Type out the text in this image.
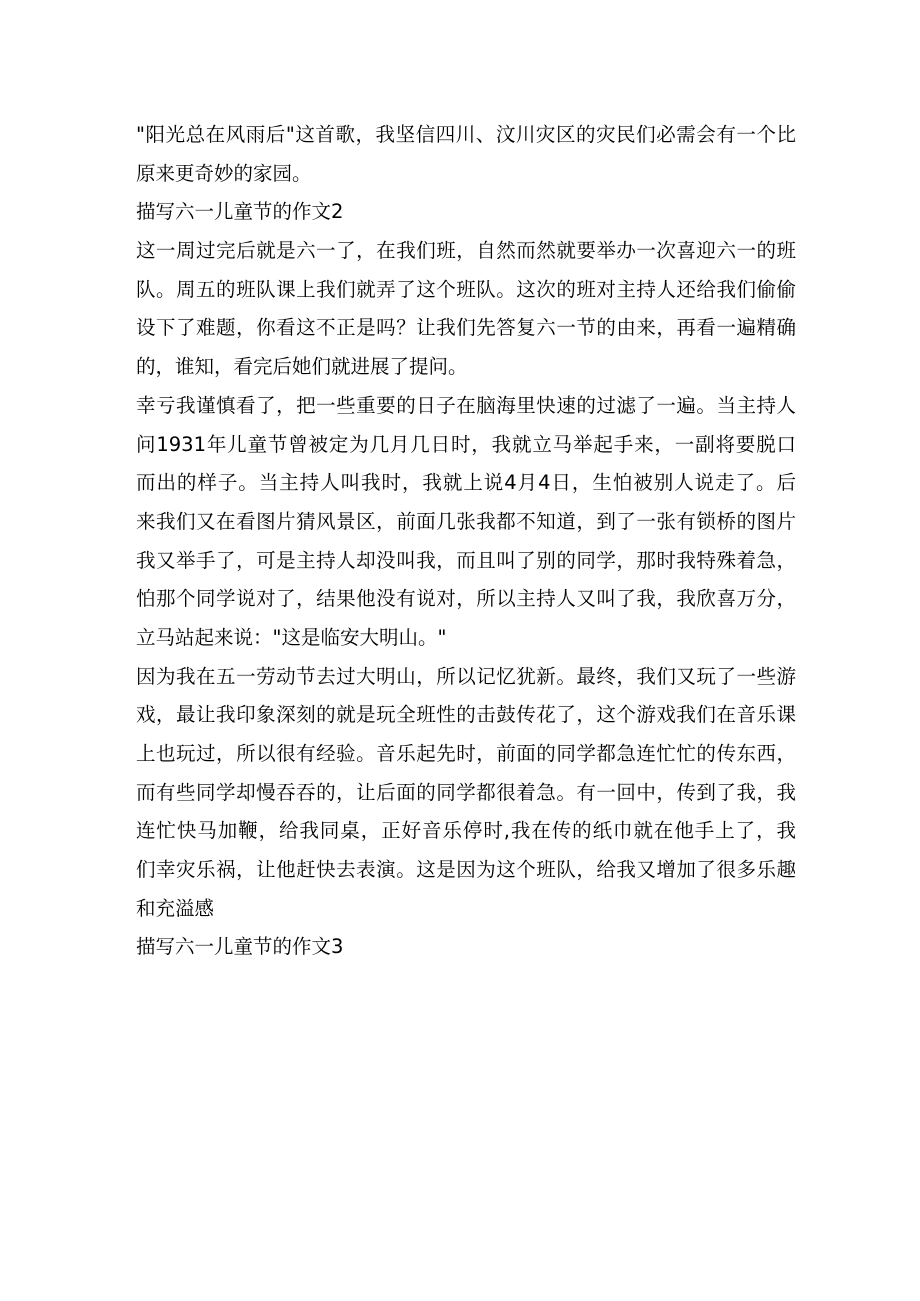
"阳光总在风雨后"这首歌，我坚信四川、汶川灾区的灾民们必需会有一个比
原来更奇妙的家园。
描写六一儿童节的作文2
这一周过完后就是六一了，在我们班，自然而然就要举办一次喜迎六一的班
队。周五的班队课上我们就弄了这个班队。这次的班对主持人还给我们偷偷
设下了难题，你看这不正是吗？让我们先答复六一节的由来，再看一遍精确
的，谁知，看完后她们就进展了提问。
幸亏我谨慎看了，把一些重要的日子在脑海里快速的过滤了一遍。当主持人
问1931年儿童节曾被定为几月几日时，我就立马举起手来，一副将要脱口
而出的样子。当主持人叫我时，我就上说4月4日，生怕被别人说走了。后
来我们又在看图片猜风景区，前面几张我都不知道，到了一张有锁桥的图片
我又举手了，可是主持人却没叫我，而且叫了别的同学，那时我特殊着急，
怕那个同学说对了，结果他没有说对，所以主持人又叫了我，我欣喜万分，
立马站起来说："这是临安大明山。"
因为我在五一劳动节去过大明山，所以记忆犹新。最终，我们又玩了一些游
戏，最让我印象深刻的就是玩全班性的击鼓传花了，这个游戏我们在音乐课
上也玩过，所以很有经验。音乐起先时，前面的同学都急连忙忙的传东西，
而有些同学却慢吞吞的，让后面的同学都很着急。有一回中，传到了我，我
连忙快马加鞭，给我同桌，正好音乐停时,我在传的纸巾就在他手上了，我
们幸灾乐祸，让他赶快去表演。这是因为这个班队，给我又增加了很多乐趣
和充溢感
描写六一儿童节的作文3
